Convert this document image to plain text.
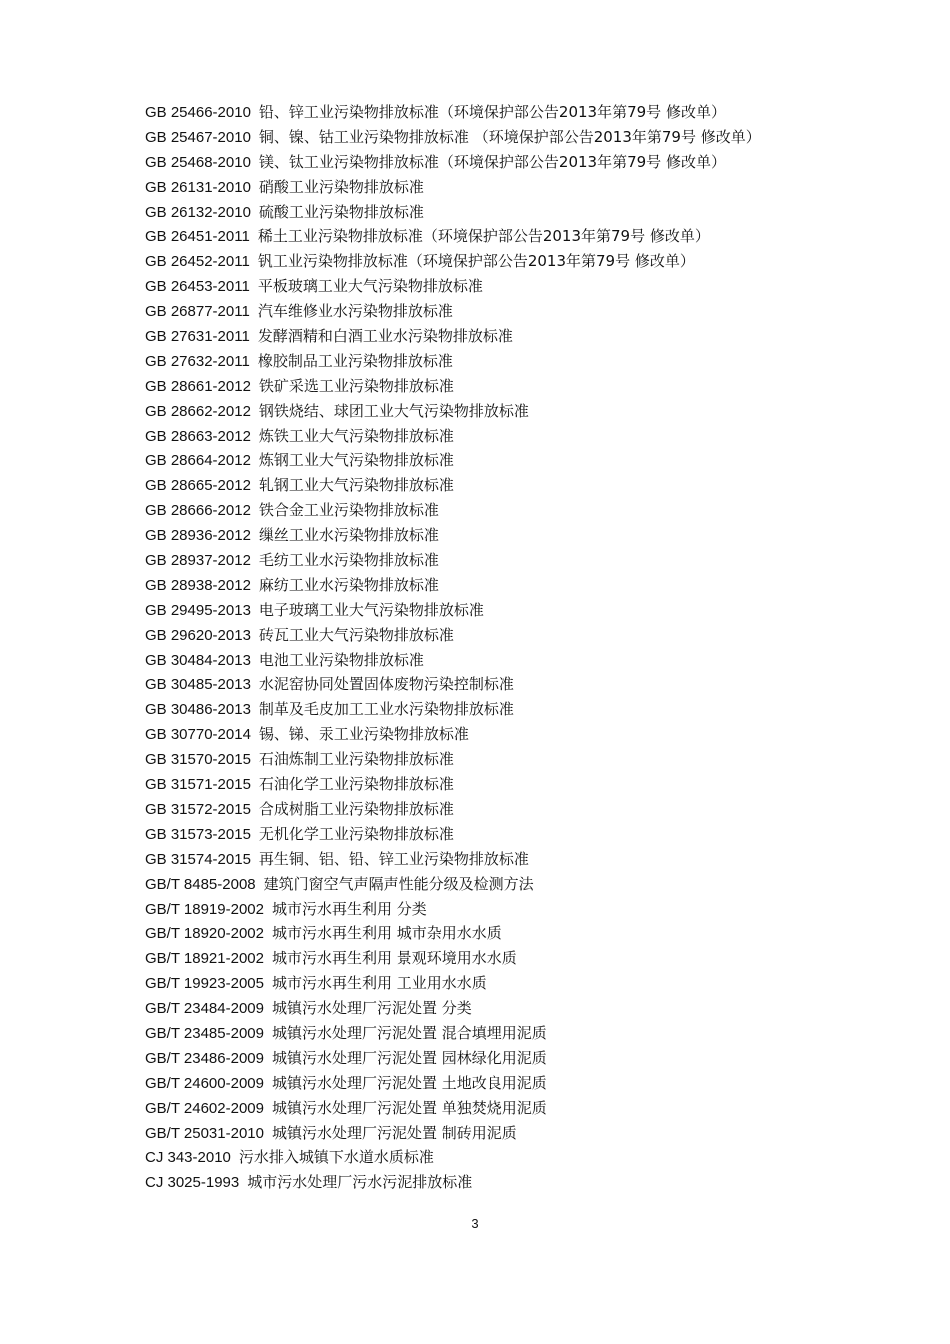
GB 25466-2010 铅、锌工业污染物排放标准（环境保护部公告2013年第79号 修改单）
GB 25467-2010 铜、镍、钴工业污染物排放标准 （环境保护部公告2013年第79号 修改单）
GB 25468-2010 镁、钛工业污染物排放标准（环境保护部公告2013年第79号 修改单）
GB 26131-2010 硝酸工业污染物排放标准
GB 26132-2010 硫酸工业污染物排放标准
GB 26451-2011 稀土工业污染物排放标准（环境保护部公告2013年第79号 修改单）
GB 26452-2011 钒工业污染物排放标准（环境保护部公告2013年第79号 修改单）
GB 26453-2011 平板玻璃工业大气污染物排放标准
GB 26877-2011 汽车维修业水污染物排放标准
GB 27631-2011 发酵酒精和白酒工业水污染物排放标准
GB 27632-2011 橡胶制品工业污染物排放标准
GB 28661-2012 铁矿采选工业污染物排放标准
GB 28662-2012 钢铁烧结、球团工业大气污染物排放标准
GB 28663-2012 炼铁工业大气污染物排放标准
GB 28664-2012 炼钢工业大气污染物排放标准
GB 28665-2012 轧钢工业大气污染物排放标准
GB 28666-2012 铁合金工业污染物排放标准
GB 28936-2012 缫丝工业水污染物排放标准
GB 28937-2012 毛纺工业水污染物排放标准
GB 28938-2012 麻纺工业水污染物排放标准
GB 29495-2013 电子玻璃工业大气污染物排放标准
GB 29620-2013 砖瓦工业大气污染物排放标准
GB 30484-2013 电池工业污染物排放标准
GB 30485-2013 水泥窑协同处置固体废物污染控制标准
GB 30486-2013 制革及毛皮加工工业水污染物排放标准
GB 30770-2014 锡、锑、汞工业污染物排放标准
GB 31570-2015 石油炼制工业污染物排放标准
GB 31571-2015 石油化学工业污染物排放标准
GB 31572-2015 合成树脂工业污染物排放标准
GB 31573-2015 无机化学工业污染物排放标准
GB 31574-2015 再生铜、铝、铅、锌工业污染物排放标准
GB/T 8485-2008 建筑门窗空气声隔声性能分级及检测方法
GB/T 18919-2002 城市污水再生利用 分类
GB/T 18920-2002 城市污水再生利用 城市杂用水水质
GB/T 18921-2002 城市污水再生利用 景观环境用水水质
GB/T 19923-2005 城市污水再生利用 工业用水水质
GB/T 23484-2009 城镇污水处理厂污泥处置 分类
GB/T 23485-2009 城镇污水处理厂污泥处置 混合填埋用泥质
GB/T 23486-2009 城镇污水处理厂污泥处置 园林绿化用泥质
GB/T 24600-2009 城镇污水处理厂污泥处置 土地改良用泥质
GB/T 24602-2009 城镇污水处理厂污泥处置 单独焚烧用泥质
GB/T 25031-2010 城镇污水处理厂污泥处置 制砖用泥质
CJ 343-2010 污水排入城镇下水道水质标准
CJ 3025-1993 城市污水处理厂污水污泥排放标准
3
